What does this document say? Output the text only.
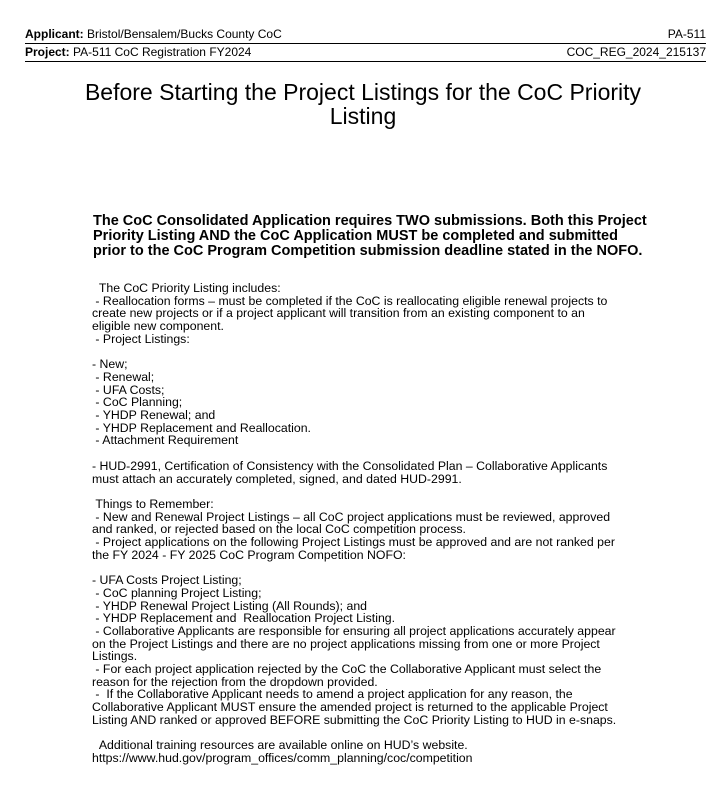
Applicant: Bristol/Bensalem/Bucks County CoC	PA-511
Project: PA-511 CoC Registration FY2024	COC_REG_2024_215137
Before Starting the Project Listings for the CoC Priority Listing
The CoC Consolidated Application requires TWO submissions. Both this Project Priority Listing AND the CoC Application MUST be completed and submitted prior to the CoC Program Competition submission deadline stated in the NOFO.
The CoC Priority Listing includes:
- Reallocation forms – must be completed if the CoC is reallocating eligible renewal projects to
create new projects or if a project applicant will transition from an existing component to an
eligible new component.
- Project Listings:
- New;
- Renewal;
- UFA Costs;
- CoC Planning;
- YHDP Renewal; and
- YHDP Replacement and Reallocation.
- Attachment Requirement
- HUD-2991, Certification of Consistency with the Consolidated Plan – Collaborative Applicants
must attach an accurately completed, signed, and dated HUD-2991.
Things to Remember:
- New and Renewal Project Listings – all CoC project applications must be reviewed, approved
and ranked, or rejected based on the local CoC competition process.
- Project applications on the following Project Listings must be approved and are not ranked per
the FY 2024 - FY 2025 CoC Program Competition NOFO:
- UFA Costs Project Listing;
- CoC planning Project Listing;
- YHDP Renewal Project Listing (All Rounds); and
- YHDP Replacement and  Reallocation Project Listing.
- Collaborative Applicants are responsible for ensuring all project applications accurately appear
on the Project Listings and there are no project applications missing from one or more Project
Listings.
- For each project application rejected by the CoC the Collaborative Applicant must select the
reason for the rejection from the dropdown provided.
-  If the Collaborative Applicant needs to amend a project application for any reason, the
Collaborative Applicant MUST ensure the amended project is returned to the applicable Project
Listing AND ranked or approved BEFORE submitting the CoC Priority Listing to HUD in e-snaps.
Additional training resources are available online on HUD’s website.
https://www.hud.gov/program_offices/comm_planning/coc/competition
